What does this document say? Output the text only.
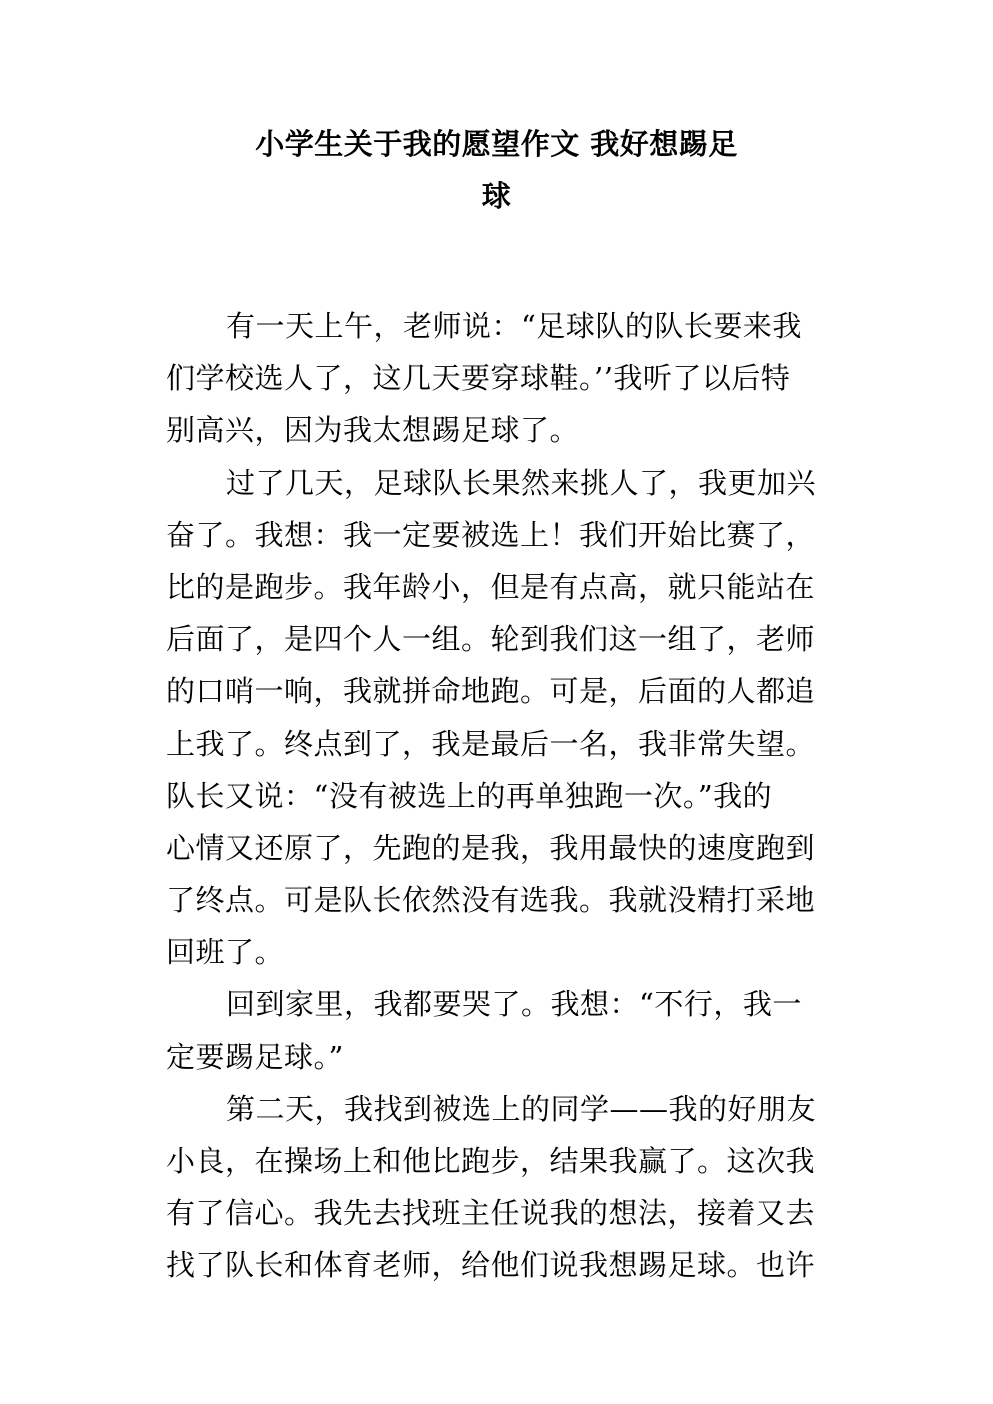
小学生关于我的愿望作文 我好想踢足
球
有一天上午，老师说：“足球队的队长要来我
们学校选人了，这几天要穿球鞋。’’我听了以后特
别高兴，因为我太想踢足球了。
过了几天，足球队长果然来挑人了，我更加兴
奋了。我想：我一定要被选上！我们开始比赛了，
比的是跑步。我年龄小，但是有点高，就只能站在
后面了，是四个人一组。轮到我们这一组了，老师
的口哨一响，我就拼命地跑。可是，后面的人都追
上我了。终点到了，我是最后一名，我非常失望。
队长又说：“没有被选上的再单独跑一次。”我的
心情又还原了，先跑的是我，我用最快的速度跑到
了终点。可是队长依然没有选我。我就没精打采地
回班了。
回到家里，我都要哭了。我想：“不行，我一
定要踢足球。”
第二天，我找到被选上的同学——我的好朋友
小良，在操场上和他比跑步，结果我赢了。这次我
有了信心。我先去找班主任说我的想法，接着又去
找了队长和体育老师，给他们说我想踢足球。也许
